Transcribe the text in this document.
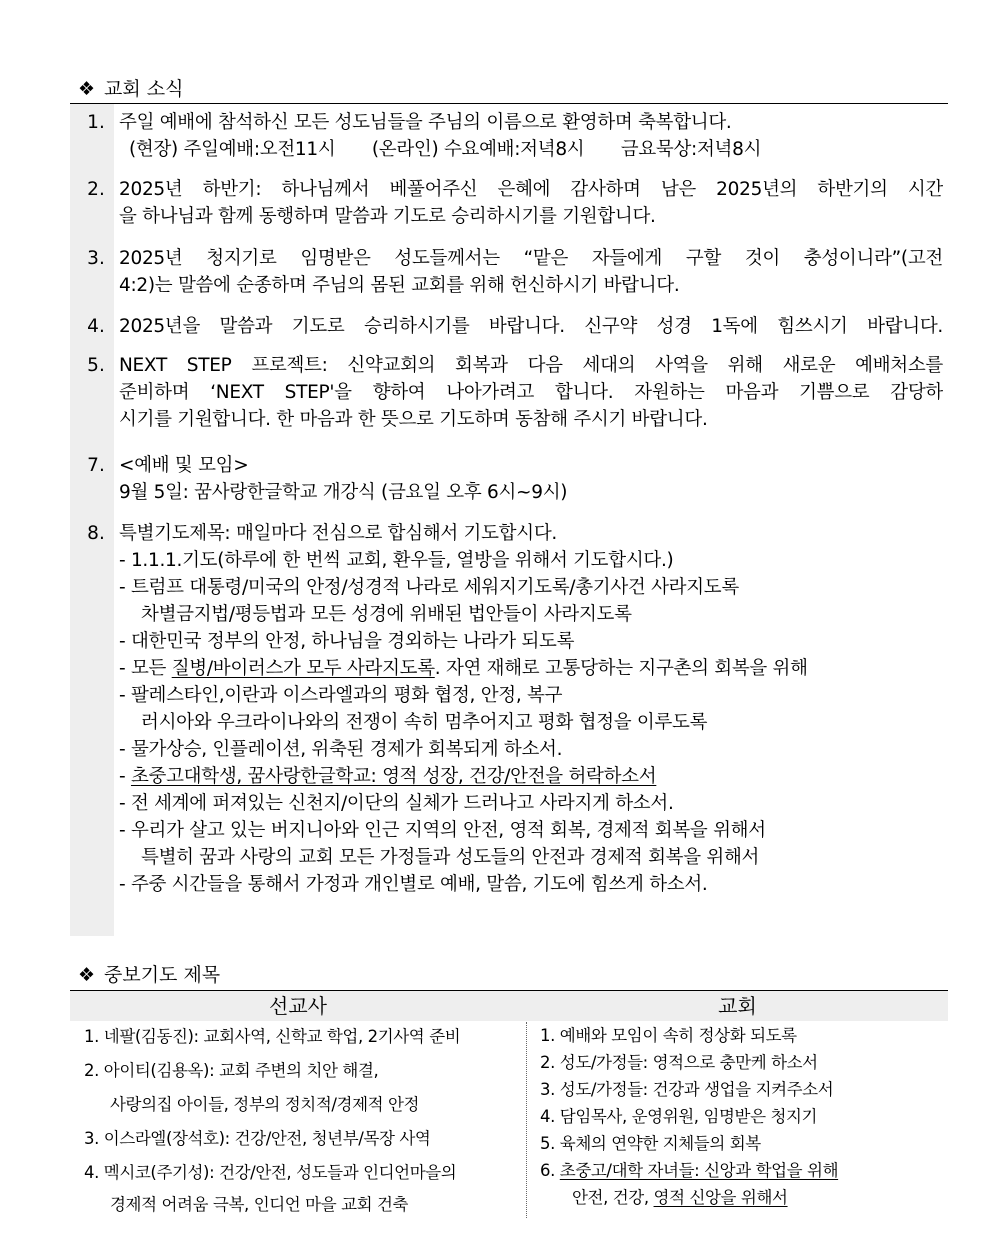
❖ 교회 소식
1. 주일 예배에 참석하신 모든 성도님들을 주님의 이름으로 환영하며 축복합니다.
(현장) 주일예배:오전11시　　(온라인) 수요예배:저녁8시　　금요묵상:저녁8시
2. 2025년 하반기: 하나님께서 베풀어주신 은혜에 감사하며 남은 2025년의 하반기의 시간
을 하나님과 함께 동행하며 말씀과 기도로 승리하시기를 기원합니다.
3. 2025년 청지기로 임명받은 성도들께서는 “맡은 자들에게 구할 것이 충성이니라”(고전
4:2)는 말씀에 순종하며 주님의 몸된 교회를 위해 헌신하시기 바랍니다.
4. 2025년을 말씀과 기도로 승리하시기를 바랍니다. 신구약 성경 1독에 힘쓰시기 바랍니다.
5. NEXT STEP 프로젝트: 신약교회의 회복과 다음 세대의 사역을 위해 새로운 예배처소를
준비하며 ‘NEXT STEP'을 향하여 나아가려고 합니다. 자원하는 마음과 기쁨으로 감당하
시기를 기원합니다. 한 마음과 한 뜻으로 기도하며 동참해 주시기 바랍니다.
7. <예배 및 모임>
9월 5일: 꿈사랑한글학교 개강식 (금요일 오후 6시~9시)
8. 특별기도제목: 매일마다 전심으로 합심해서 기도합시다.
- 1.1.1.기도(하루에 한 번씩 교회, 환우들, 열방을 위해서 기도합시다.)
- 트럼프 대통령/미국의 안정/성경적 나라로 세워지기도록/총기사건 사라지도록
차별금지법/평등법과 모든 성경에 위배된 법안들이 사라지도록
- 대한민국 정부의 안정, 하나님을 경외하는 나라가 되도록
- 모든 질병/바이러스가 모두 사라지도록. 자연 재해로 고통당하는 지구촌의 회복을 위해
- 팔레스타인,이란과 이스라엘과의 평화 협정, 안정, 복구
러시아와 우크라이나와의 전쟁이 속히 멈추어지고 평화 협정을 이루도록
- 물가상승, 인플레이션, 위축된 경제가 회복되게 하소서.
- 초중고대학생, 꿈사랑한글학교: 영적 성장, 건강/안전을 허락하소서
- 전 세계에 퍼져있는 신천지/이단의 실체가 드러나고 사라지게 하소서.
- 우리가 살고 있는 버지니아와 인근 지역의 안전, 영적 회복, 경제적 회복을 위해서
특별히 꿈과 사랑의 교회 모든 가정들과 성도들의 안전과 경제적 회복을 위해서
- 주중 시간들을 통해서 가정과 개인별로 예배, 말씀, 기도에 힘쓰게 하소서.
❖ 중보기도 제목
선교사	교회
1. 네팔(김동진): 교회사역, 신학교 학업, 2기사역 준비
2. 아이티(김용옥): 교회 주변의 치안 해결,
사랑의집 아이들, 정부의 정치적/경제적 안정
3. 이스라엘(장석호): 건강/안전, 청년부/목장 사역
4. 멕시코(주기성): 건강/안전, 성도들과 인디언마을의
경제적 어려움 극복, 인디언 마을 교회 건축
1. 예배와 모임이 속히 정상화 되도록
2. 성도/가정들: 영적으로 충만케 하소서
3. 성도/가정들: 건강과 생업을 지켜주소서
4. 담임목사, 운영위원, 임명받은 청지기
5. 육체의 연약한 지체들의 회복
6. 초중고/대학 자녀들: 신앙과 학업을 위해
안전, 건강, 영적 신앙을 위해서
